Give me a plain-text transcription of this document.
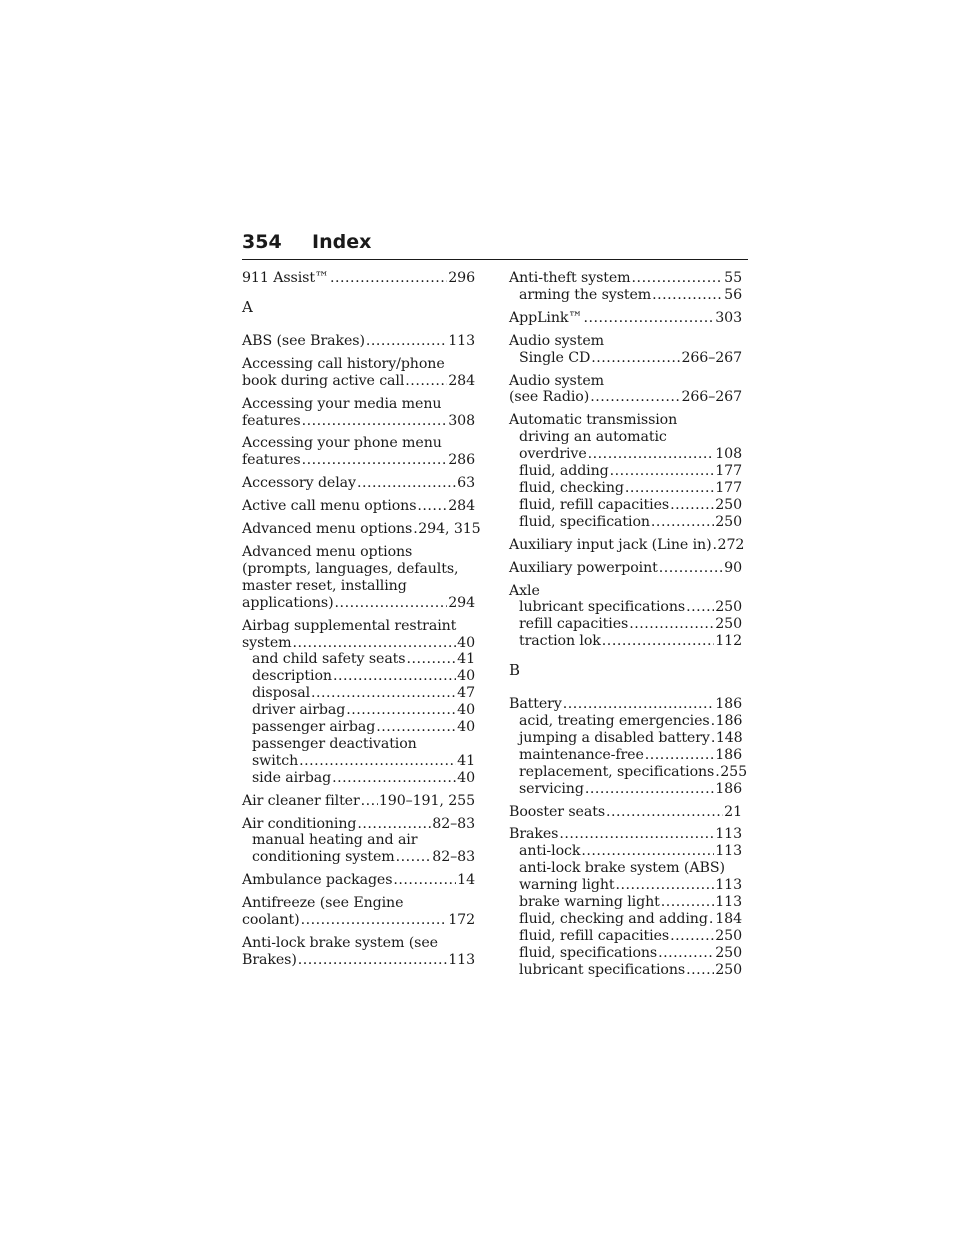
354 Index
911 Assist™ .....	296
A
ABS (see Brakes) .....	113
Accessing call history/phone
book during active call .....	284
Accessing your media menu
features .....	308
Accessing your phone menu
features .....	286
Accessory delay .....	63
Active call menu options ..... 284
Advanced menu options ..... 294, 315
Advanced menu options
(prompts, languages, defaults,
master reset, installing
applications) .....	294
Airbag supplemental restraint
system .....	40
and child safety seats .....	41
description .....	40
disposal .....	47
driver airbag .....	40
passenger airbag .....	40
passenger deactivation
switch .....	41
side airbag .....	40
Air cleaner filter ..... 190–191, 255
Air conditioning .....	82–83
manual heating and air
conditioning system .....	82–83
Ambulance packages .....	14
Antifreeze (see Engine
coolant) .....	172
Anti-lock brake system (see
Brakes) .....	113
Anti-theft system .....	55
arming the system .....	56
AppLink™ .....	303
Audio system
Single CD .....	266–267
Audio system
(see Radio) .....	266–267
Automatic transmission
driving an automatic
overdrive .....	108
fluid, adding .....	177
fluid, checking .....	177
fluid, refill capacities .....	250
fluid, specification .....	250
Auxiliary input jack (Line in) ..... 272
Auxiliary powerpoint .....	90
Axle
lubricant specifications ..... 250
refill capacities .....	250
traction lok .....	112
B
Battery .....	186
acid, treating emergencies ..... 186
jumping a disabled battery ..... 148
maintenance-free .....	186
replacement, specifications ..... 255
servicing .....	186
Booster seats .....	21
Brakes .....	113
anti-lock .....	113
anti-lock brake system (ABS)
warning light .....	113
brake warning light .....	113
fluid, checking and adding ..... 184
fluid, refill capacities .....	250
fluid, specifications .....	250
lubricant specifications ..... 250
